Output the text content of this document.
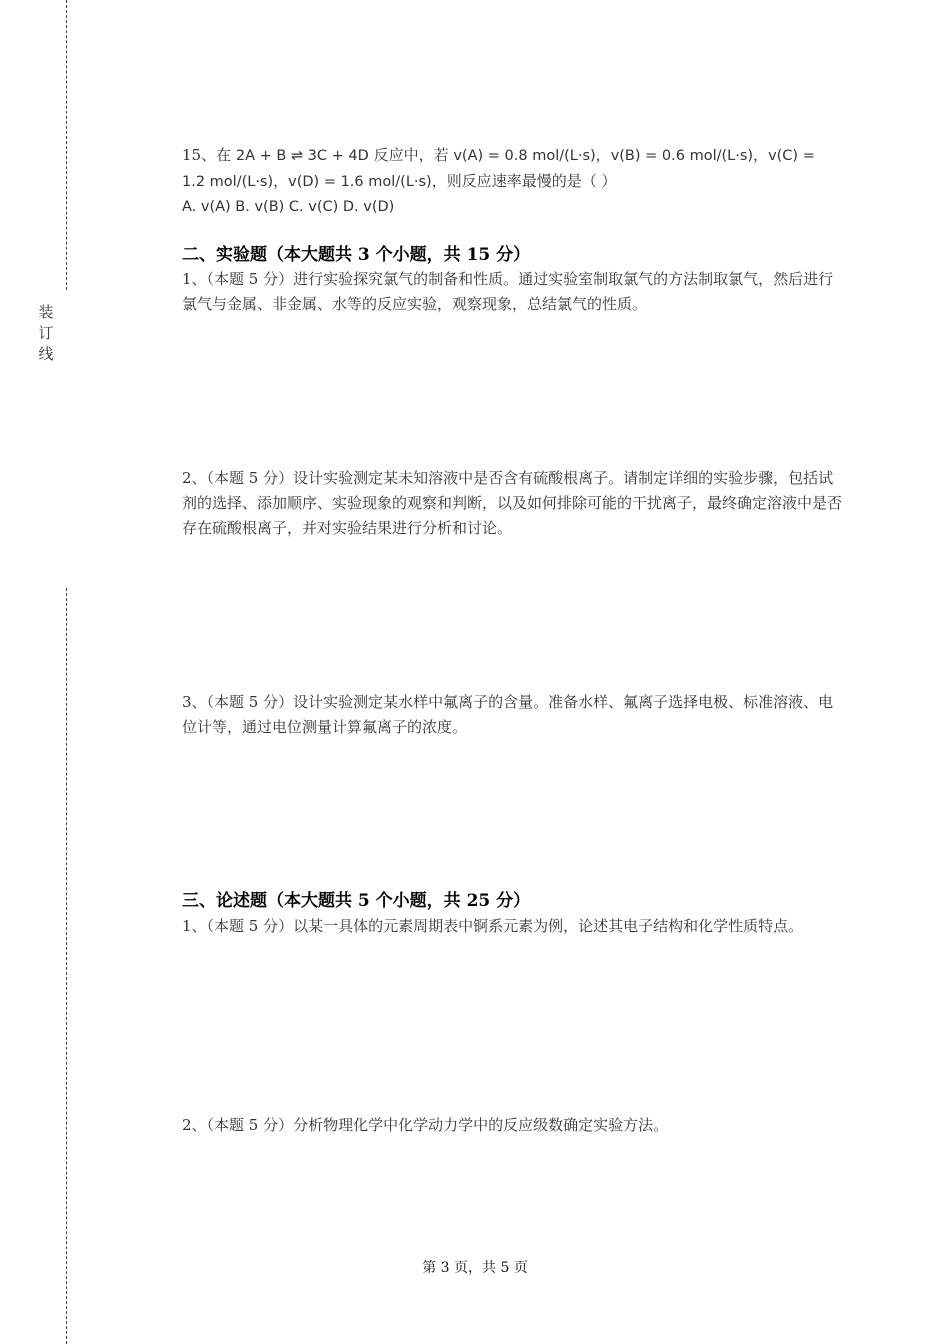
装
订
线
15、在 2A + B ⇌ 3C + 4D 反应中，若 v(A) = 0.8 mol/(L·s)，v(B) = 0.6 mol/(L·s)，v(C) = 1.2 mol/(L·s)，v(D) = 1.6 mol/(L·s)，则反应速率最慢的是（ ）
A. v(A) B. v(B) C. v(C) D. v(D)
二、实验题（本大题共 3 个小题，共 15 分）
1、（本题 5 分）进行实验探究氯气的制备和性质。通过实验室制取氯气的方法制取氯气，然后进行氯气与金属、非金属、水等的反应实验，观察现象，总结氯气的性质。
2、（本题 5 分）设计实验测定某未知溶液中是否含有硫酸根离子。请制定详细的实验步骤，包括试剂的选择、添加顺序、实验现象的观察和判断，以及如何排除可能的干扰离子，最终确定溶液中是否存在硫酸根离子，并对实验结果进行分析和讨论。
3、（本题 5 分）设计实验测定某水样中氟离子的含量。准备水样、氟离子选择电极、标准溶液、电位计等，通过电位测量计算氟离子的浓度。
三、论述题（本大题共 5 个小题，共 25 分）
1、（本题 5 分）以某一具体的元素周期表中锕系元素为例，论述其电子结构和化学性质特点。
2、（本题 5 分）分析物理化学中化学动力学中的反应级数确定实验方法。
第 3 页，共 5 页
